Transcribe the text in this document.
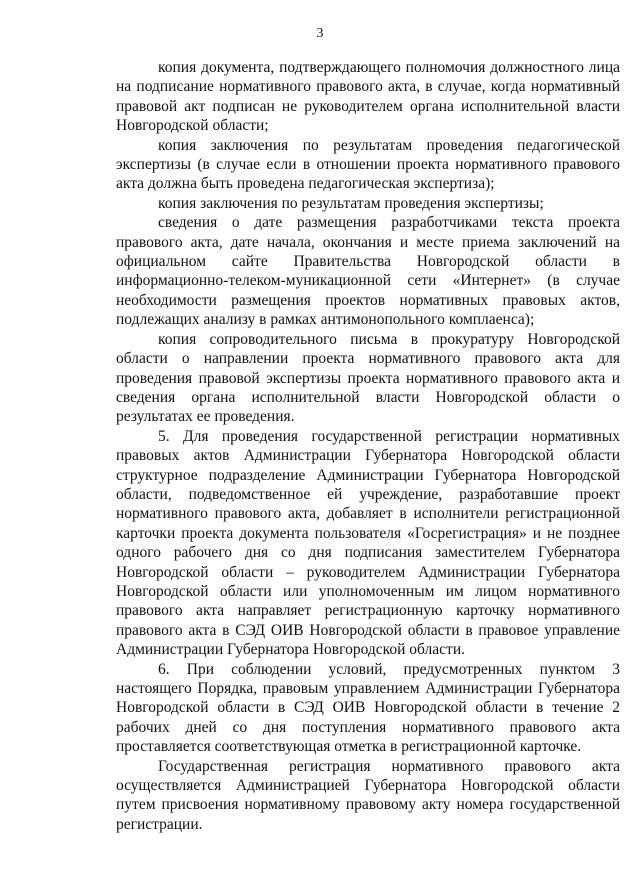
3

копия документа, подтверждающего полномочия должностного лица на подписание нормативного правового акта, в случае, когда нормативный правовой акт подписан не руководителем органа исполнительной власти Новгородской области;

копия заключения по результатам проведения педагогической экспертизы (в случае если в отношении проекта нормативного правового акта должна быть проведена педагогическая экспертиза);

копия заключения по результатам проведения экспертизы;

сведения о дате размещения разработчиками текста проекта правового акта, дате начала, окончания и месте приема заключений на официальном сайте Правительства Новгородской области в информационно-телеком-муникационной сети «Интернет» (в случае необходимости размещения проектов нормативных правовых актов, подлежащих анализу в рамках антимонопольного комплаенса);

копия сопроводительного письма в прокуратуру Новгородской области о направлении проекта нормативного правового акта для проведения правовой экспертизы проекта нормативного правового акта и сведения органа исполнительной власти Новгородской области о результатах ее проведения.

5. Для проведения государственной регистрации нормативных правовых актов Администрации Губернатора Новгородской области структурное подразделение Администрации Губернатора Новгородской области, подведомственное ей учреждение, разработавшие проект нормативного правового акта, добавляет в исполнители регистрационной карточки проекта документа пользователя «Госрегистрация» и не позднее одного рабочего дня со дня подписания заместителем Губернатора Новгородской области – руководителем Администрации Губернатора Новгородской области или уполномоченным им лицом нормативного правового акта направляет регистрационную карточку нормативного правового акта в СЭД ОИВ Новгородской области в правовое управление Администрации Губернатора Новгородской области.

6. При соблюдении условий, предусмотренных пунктом 3 настоящего Порядка, правовым управлением Администрации Губернатора Новгородской области в СЭД ОИВ Новгородской области в течение 2 рабочих дней со дня поступления нормативного правового акта проставляется соответствующая отметка в регистрационной карточке.

Государственная регистрация нормативного правового акта осуществляется Администрацией Губернатора Новгородской области путем присвоения нормативному правовому акту номера государственной регистрации.
